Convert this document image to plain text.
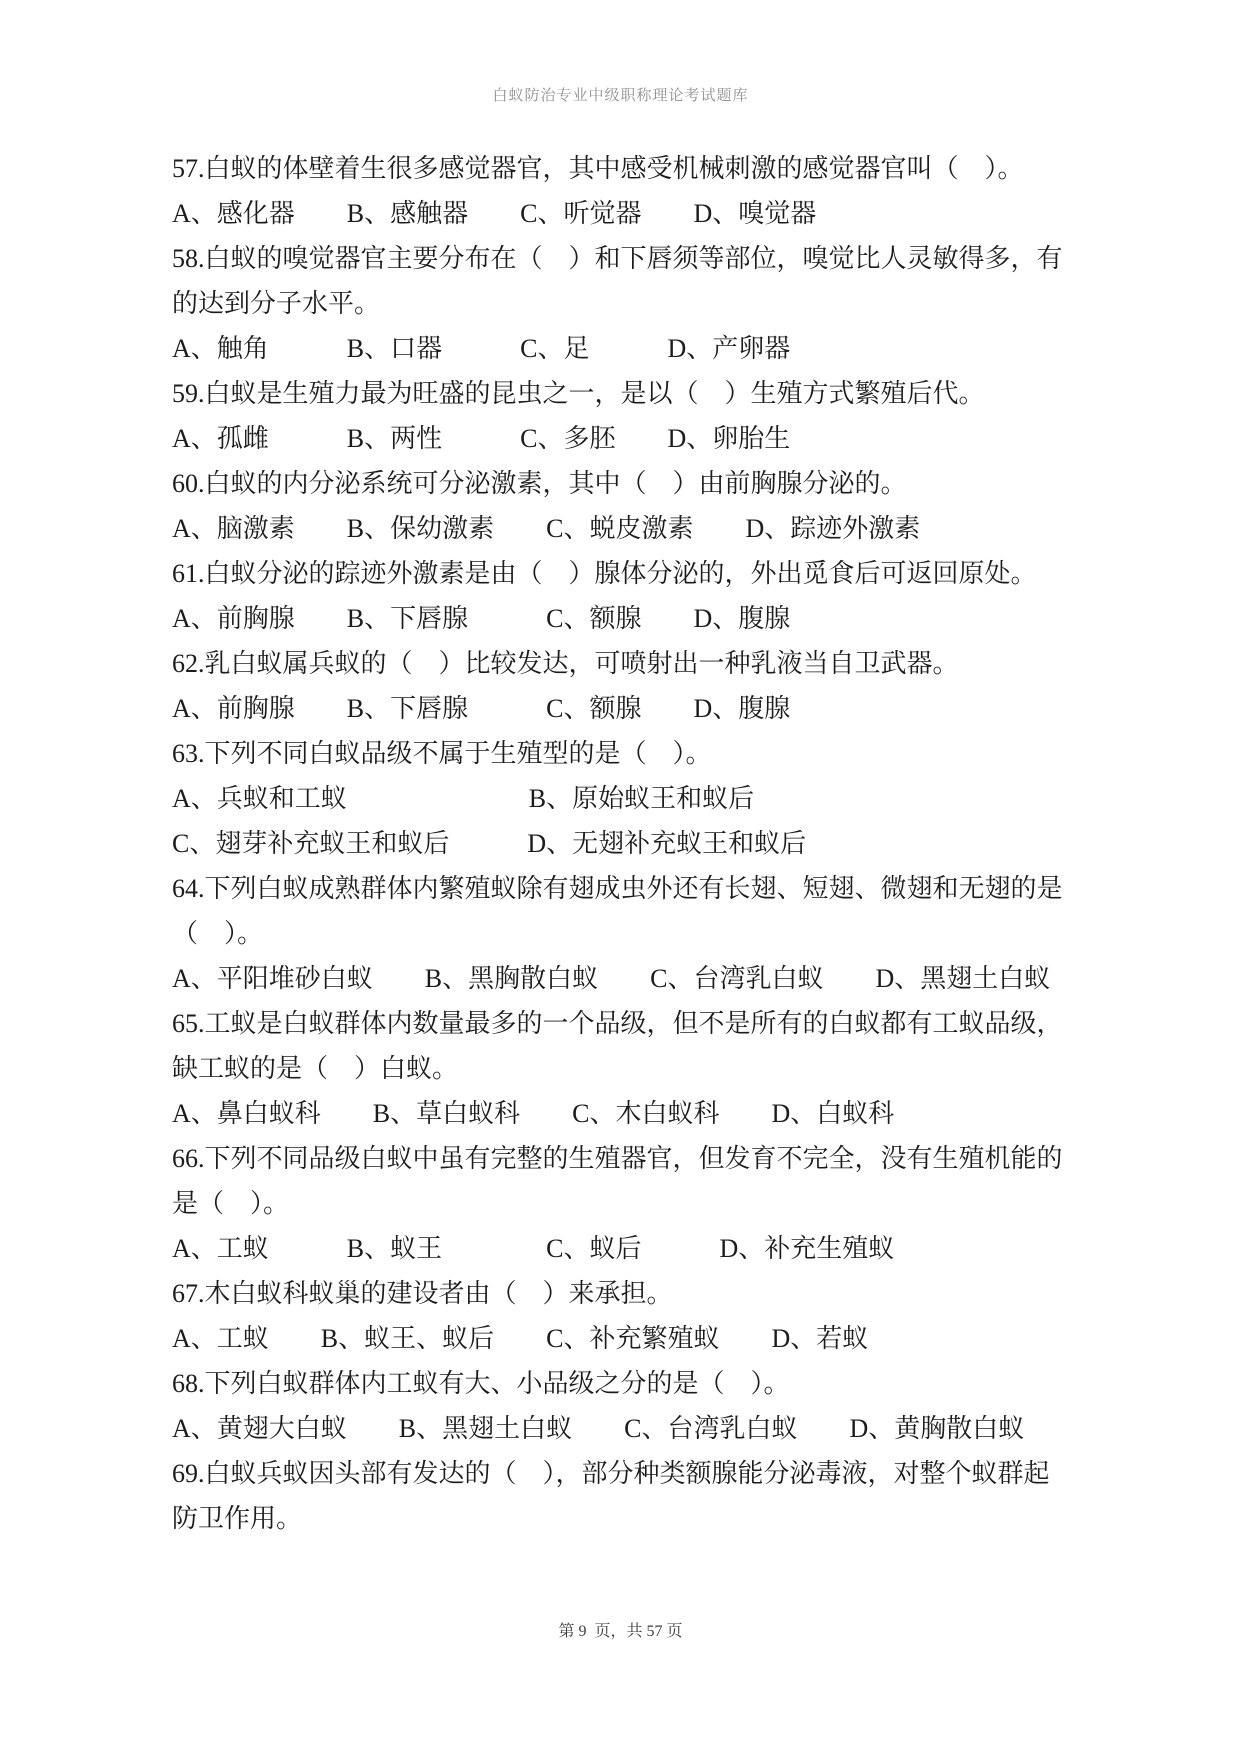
白蚁防治专业中级职称理论考试题库

57.白蚁的体壁着生很多感觉器官，其中感受机械刺激的感觉器官叫（　）。

A、感化器　　B、感触器　　C、听觉器　　D、嗅觉器

58.白蚁的嗅觉器官主要分布在（　）和下唇须等部位，嗅觉比人灵敏得多，有

的达到分子水平。

A、触角　　　B、口器　　　C、足　　　D、产卵器

59.白蚁是生殖力最为旺盛的昆虫之一，是以（　）生殖方式繁殖后代。

A、孤雌　　　B、两性　　　C、多胚　　D、卵胎生

60.白蚁的内分泌系统可分泌激素，其中（　）由前胸腺分泌的。

A、脑激素　　B、保幼激素　　C、蜕皮激素　　D、踪迹外激素

61.白蚁分泌的踪迹外激素是由（　）腺体分泌的，外出觅食后可返回原处。

A、前胸腺　　B、下唇腺　　　C、额腺　　D、腹腺

62.乳白蚁属兵蚁的（　）比较发达，可喷射出一种乳液当自卫武器。

A、前胸腺　　B、下唇腺　　　C、额腺　　D、腹腺

63.下列不同白蚁品级不属于生殖型的是（　）。

A、兵蚁和工蚁　　　　　　　B、原始蚁王和蚁后

C、翅芽补充蚁王和蚁后　　　D、无翅补充蚁王和蚁后

64.下列白蚁成熟群体内繁殖蚁除有翅成虫外还有长翅、短翅、微翅和无翅的是

（　）。

A、平阳堆砂白蚁　　B、黑胸散白蚁　　C、台湾乳白蚁　　D、黑翅土白蚁

65.工蚁是白蚁群体内数量最多的一个品级，但不是所有的白蚁都有工蚁品级，

缺工蚁的是（　）白蚁。

A、鼻白蚁科　　B、草白蚁科　　C、木白蚁科　　D、白蚁科

66.下列不同品级白蚁中虽有完整的生殖器官，但发育不完全，没有生殖机能的

是（　）。

A、工蚁　　　B、蚁王　　　　C、蚁后　　　D、补充生殖蚁

67.木白蚁科蚁巢的建设者由（　）来承担。

A、工蚁　　B、蚁王、蚁后　　C、补充繁殖蚁　　D、若蚁

68.下列白蚁群体内工蚁有大、小品级之分的是（　）。

A、黄翅大白蚁　　B、黑翅土白蚁　　C、台湾乳白蚁　　D、黄胸散白蚁

69.白蚁兵蚁因头部有发达的（　），部分种类额腺能分泌毒液，对整个蚁群起

防卫作用。

第 9  页，共 57 页
